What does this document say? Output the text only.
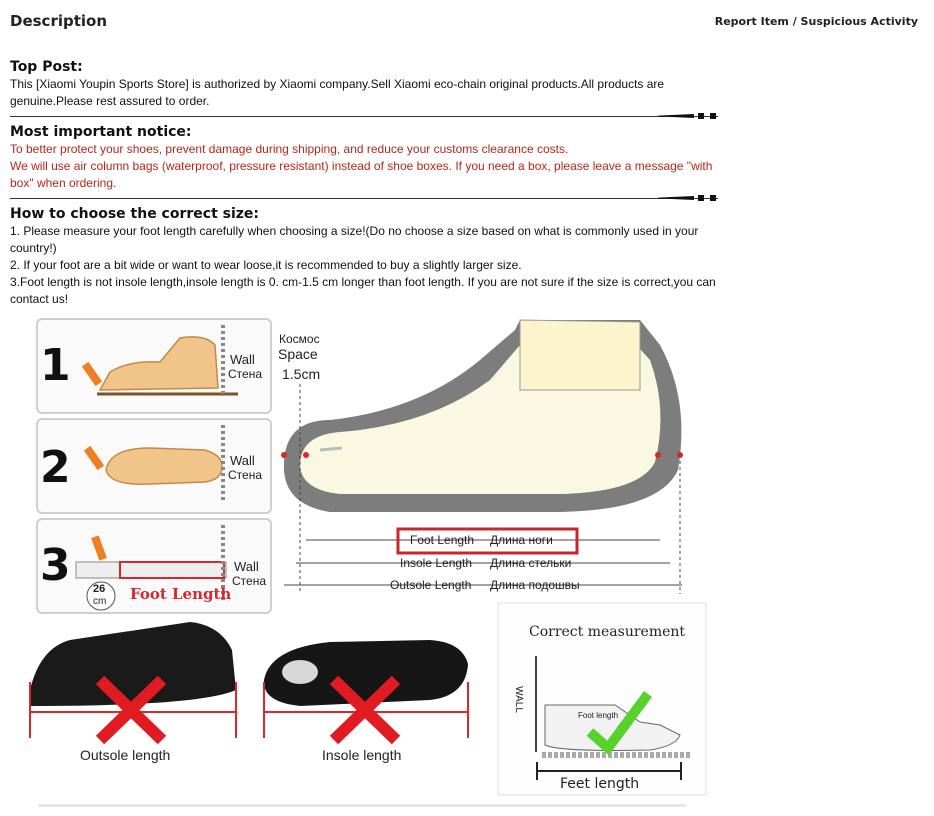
Description	Report Item / Suspicious Activity

Top Post:

This [Xiaomi Youpin Sports Store] is authorized by Xiaomi company.Sell Xiaomi eco-chain original products.All products are

genuine.Please rest assured to order.

Most important notice:

To better protect your shoes, prevent damage during shipping, and reduce your customs clearance costs.

We will use air column bags (waterproof, pressure resistant) instead of shoe boxes. If you need a box, please leave a message "with

box" when ordering.

How to choose the correct size:

1. Please measure your foot length carefully when choosing a size!(Do no choose a size based on what is commonly used in your

country!)

2. If your foot are a bit wide or want to wear loose,it is recommended to buy a slightly larger size.

3.Foot length is not insole length,insole length is 0. cm-1.5 cm longer than foot length. If you are not sure if the size is correct,you can

contact us!

1
2
3
Wall
Стена
Wall
Стена
Wall
Стена
26
cm Foot Length
Космос
Space
1.5cm
Foot Length Длина ноги
Insole Length Длина стельки
Outsole Length Длина подошвы
Outsole length	Insole length
Correct measurement
WALL
Foot length
Feet length
